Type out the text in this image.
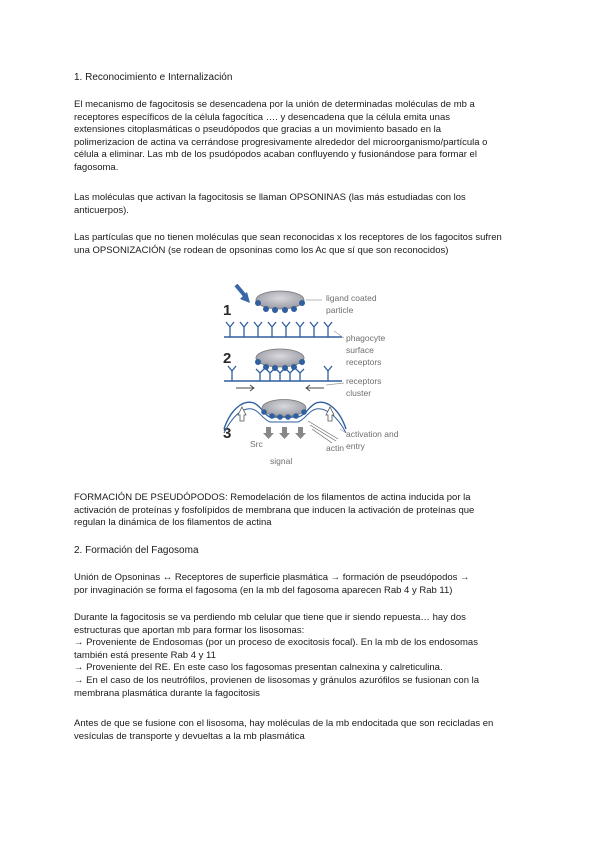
1. Reconocimiento e Internalización

El mecanismo de fagocitosis se desencadena por la unión de determinadas moléculas de mb a

receptores específicos de la célula fagocítica …. y desencadena que la célula emita unas

extensiones citoplasmáticas o pseudópodos que gracias a un movimiento basado en la

polimerizacion de actina va cerrándose progresivamente alrededor del microorganismo/partícula o

célula a eliminar. Las mb de los psudópodos acaban confluyendo y fusionándose para formar el

fagosoma.

Las moléculas que activan la fagocitosis se llaman OPSONINAS (las más estudiadas con los

anticuerpos).

Las partículas que no tienen moléculas que sean reconocidas x los receptores de los fagocitos sufren

una OPSONIZACIÓN (se rodean de opsoninas como los Ac que sí que son reconocidos)

1
ligand coated
particle
phagocyte
surface
receptors
2
receptors
cluster
3
Src	actin
signal
activation and
entry

FORMACIÓN DE PSEUDÓPODOS: Remodelación de los filamentos de actina inducida por la

activación de proteínas y fosfolípidos de membrana que inducen la activación de proteínas que

regulan la dinámica de los filamentos de actina

2. Formación del Fagosoma

Unión de Opsoninas ↔ Receptores de superficie plasmática → formación de pseudópodos →

por invaginación se forma el fagosoma (en la mb del fagosoma aparecen Rab 4 y Rab 11)

Durante la fagocitosis se va perdiendo mb celular que tiene que ir siendo repuesta… hay dos

estructuras que aportan mb para formar los lisosomas:

→ Proveniente de Endosomas (por un proceso de exocitosis focal). En la mb de los endosomas

también está presente Rab 4 y 11

→ Proveniente del RE. En este caso los fagosomas presentan calnexina y calreticulina.

→ En el caso de los neutrófilos, provienen de lisosomas y gránulos azurófilos se fusionan con la

membrana plasmática durante la fagocitosis

Antes de que se fusione con el lisosoma, hay moléculas de la mb endocitada que son recicladas en

vesículas de transporte y devueltas a la mb plasmática
